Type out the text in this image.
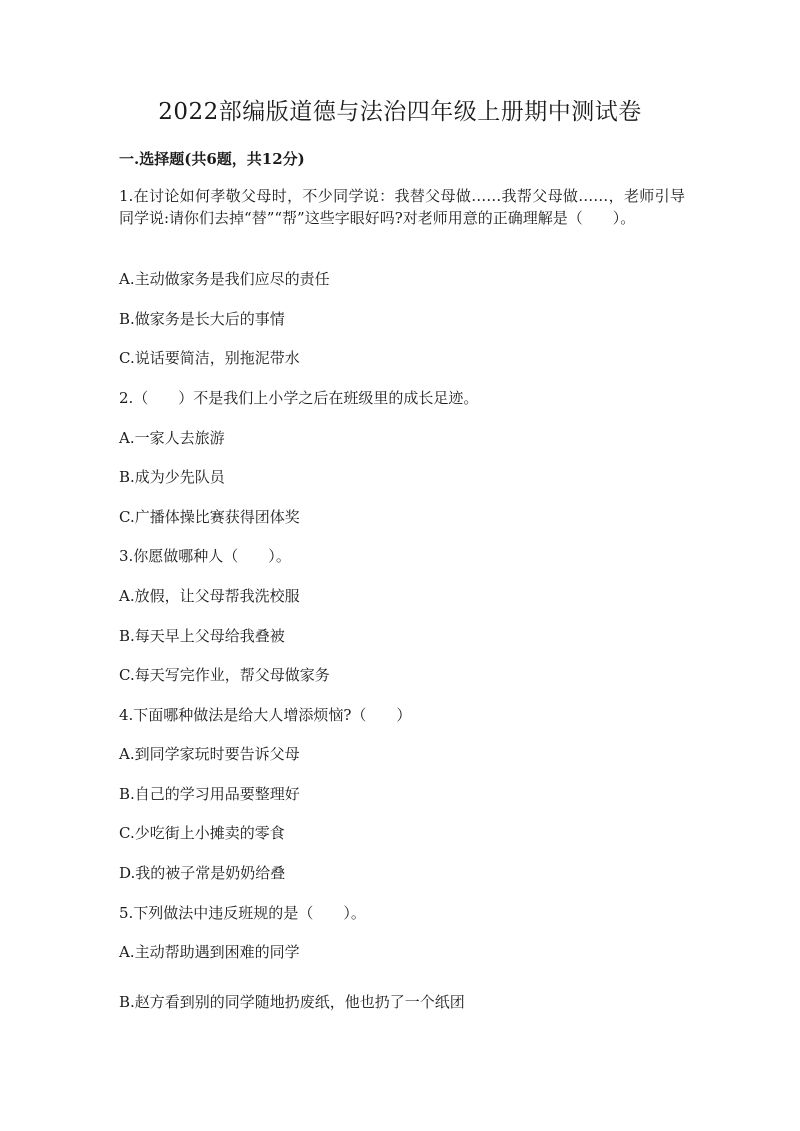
2022部编版道德与法治四年级上册期中测试卷
一.选择题(共6题，共12分)
1.在讨论如何孝敬父母时，不少同学说：我替父母做……我帮父母做……，老师引导同学说:请你们去掉“替”“帮”这些字眼好吗?对老师用意的正确理解是（　　）。
A.主动做家务是我们应尽的责任
B.做家务是长大后的事情
C.说话要简洁，别拖泥带水
2.（　　）不是我们上小学之后在班级里的成长足迹。
A.一家人去旅游
B.成为少先队员
C.广播体操比赛获得团体奖
3.你愿做哪种人（　　）。
A.放假，让父母帮我洗校服
B.每天早上父母给我叠被
C.每天写完作业，帮父母做家务
4.下面哪种做法是给大人增添烦恼?（　　）
A.到同学家玩时要告诉父母
B.自己的学习用品要整理好
C.少吃街上小摊卖的零食
D.我的被子常是奶奶给叠
5.下列做法中违反班规的是（　　）。
A.主动帮助遇到困难的同学
B.赵方看到别的同学随地扔废纸，他也扔了一个纸团
